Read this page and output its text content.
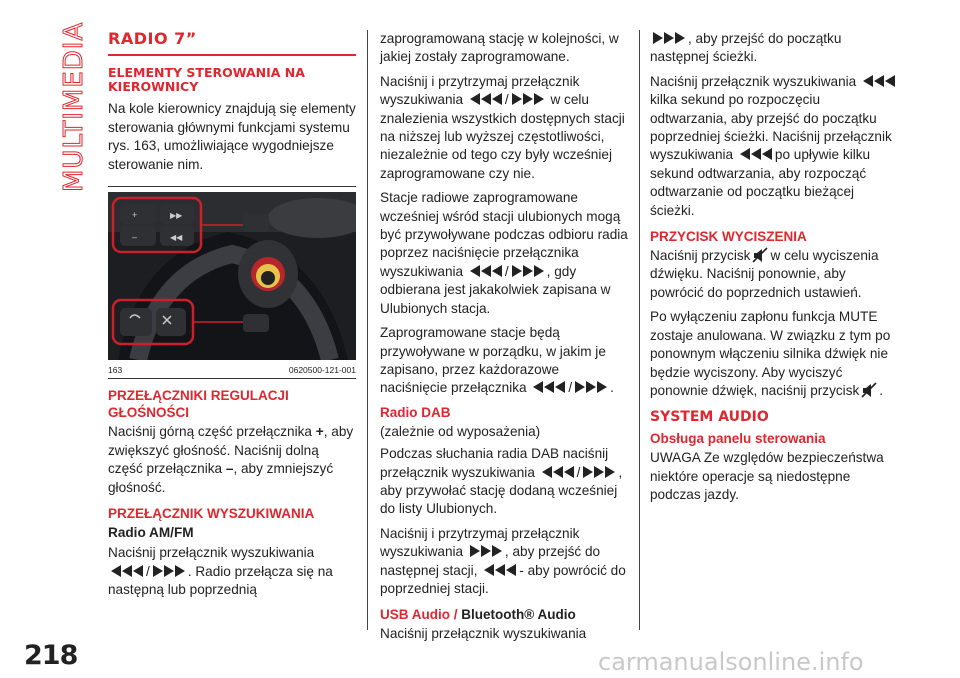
MULTIMEDIA RADIO 7”
ELEMENTY STEROWANIA NA KIEROWNICY

Na kole kierownicy znajdują się elementy sterowania głównymi funkcjami systemu rys. 163, umożliwiające wygodniejsze sterowanie nim.

+
–
▶▶
◀◀
163	0620500-121-001
PRZEŁĄCZNIKI REGULACJI GŁOŚNOŚCI

Naciśnij górną część przełącznika +, aby zwiększyć głośność. Naciśnij dolną część przełącznika –, aby zmniejszyć głośność.

PRZEŁĄCZNIK WYSZUKIWANIA
Radio AM/FM

Naciśnij przełącznik wyszukiwania /	. Radio przełącza się na następną lub poprzednią

zaprogramowaną stację w kolejności, w jakiej zostały zaprogramowane.

Naciśnij i przytrzymaj przełącznik wyszukiwania	/	w celu znalezienia wszystkich dostępnych stacji na niższej lub wyższej częstotliwości, niezależnie od tego czy były wcześniej zaprogramowane czy nie.

Stacje radiowe zaprogramowane wcześniej wśród stacji ulubionych mogą być przywoływane podczas odbioru radia poprzez naciśnięcie przełącznika wyszukiwania	/	, gdy odbierana jest jakakolwiek zapisana w Ulubionych stacja.

Zaprogramowane stacje będą przywoływane w porządku, w jakim je zapisano, przez każdorazowe naciśnięcie przełącznika	/	.

Radio DAB

(zależnie od wyposażenia)

Podczas słuchania radia DAB naciśnij przełącznik wyszukiwania	/	, aby przywołać stację dodaną wcześniej do listy Ulubionych.

Naciśnij i przytrzymaj przełącznik wyszukiwania	, aby przejść do następnej stacji,	- aby powrócić do poprzedniej stacji.

USB Audio / Bluetooth® Audio

Naciśnij przełącznik wyszukiwania

, aby przejść do początku następnej ścieżki.

Naciśnij przełącznik wyszukiwania kilka sekund po rozpoczęciu odtwarzania, aby przejść do początku poprzedniej ścieżki. Naciśnij przełącznik wyszukiwania	po upływie kilku sekund odtwarzania, aby rozpocząć odtwarzanie od początku bieżącej ścieżki.

PRZYCISK WYCISZENIA

Naciśnij przycisk w celu wyciszenia dźwięku. Naciśnij ponownie, aby powrócić do poprzednich ustawień.

Po wyłączeniu zapłonu funkcja MUTE zostaje anulowana. W związku z tym po ponownym włączeniu silnika dźwięk nie będzie wyciszony. Aby wyciszyć ponownie dźwięk, naciśnij przycisk .

SYSTEM AUDIO
Obsługa panelu sterowania

UWAGA Ze względów bezpieczeństwa niektóre operacje są niedostępne podczas jazdy.

218	carmanualsonline.info
